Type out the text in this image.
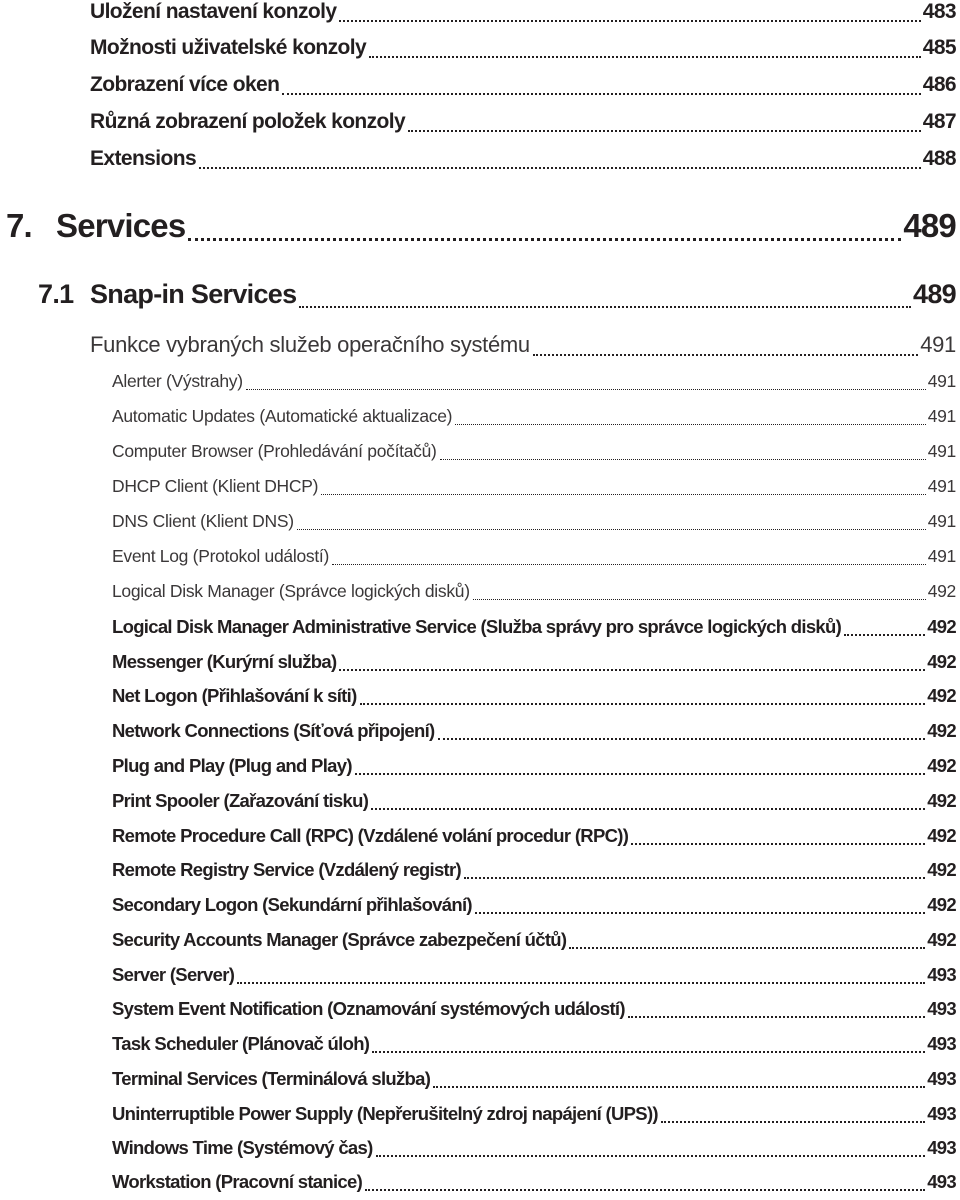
Uložení nastavení konzoly	483
Možnosti uživatelské konzoly	485
Zobrazení více oken	486
Různá zobrazení položek konzoly	487
Extensions	488
7. Services	489
7.1 Snap-in Services	489
Funkce vybraných služeb operačního systému	491
Alerter (Výstrahy)	491
Automatic Updates (Automatické aktualizace)	491
Computer Browser (Prohledávání počítačů)	491
DHCP Client (Klient DHCP)	491
DNS Client (Klient DNS)	491
Event Log (Protokol událostí)	491
Logical Disk Manager (Správce logických disků)	492
Logical Disk Manager Administrative Service (Služba správy pro správce logických disků)	492
Messenger (Kurýrní služba)	492
Net Logon (Přihlašování k síti)	492
Network Connections (Síťová připojení)	492
Plug and Play (Plug and Play)	492
Print Spooler (Zařazování tisku)	492
Remote Procedure Call (RPC) (Vzdálené volání procedur (RPC))	492
Remote Registry Service (Vzdálený registr)	492
Secondary Logon (Sekundární přihlašování)	492
Security Accounts Manager (Správce zabezpečení účtů)	492
Server (Server)	493
System Event Notification (Oznamování systémových událostí)	493
Task Scheduler (Plánovač úloh)	493
Terminal Services (Terminálová služba)	493
Uninterruptible Power Supply (Nepřerušitelný zdroj napájení (UPS))	493
Windows Time (Systémový čas)	493
Workstation (Pracovní stanice)	493
